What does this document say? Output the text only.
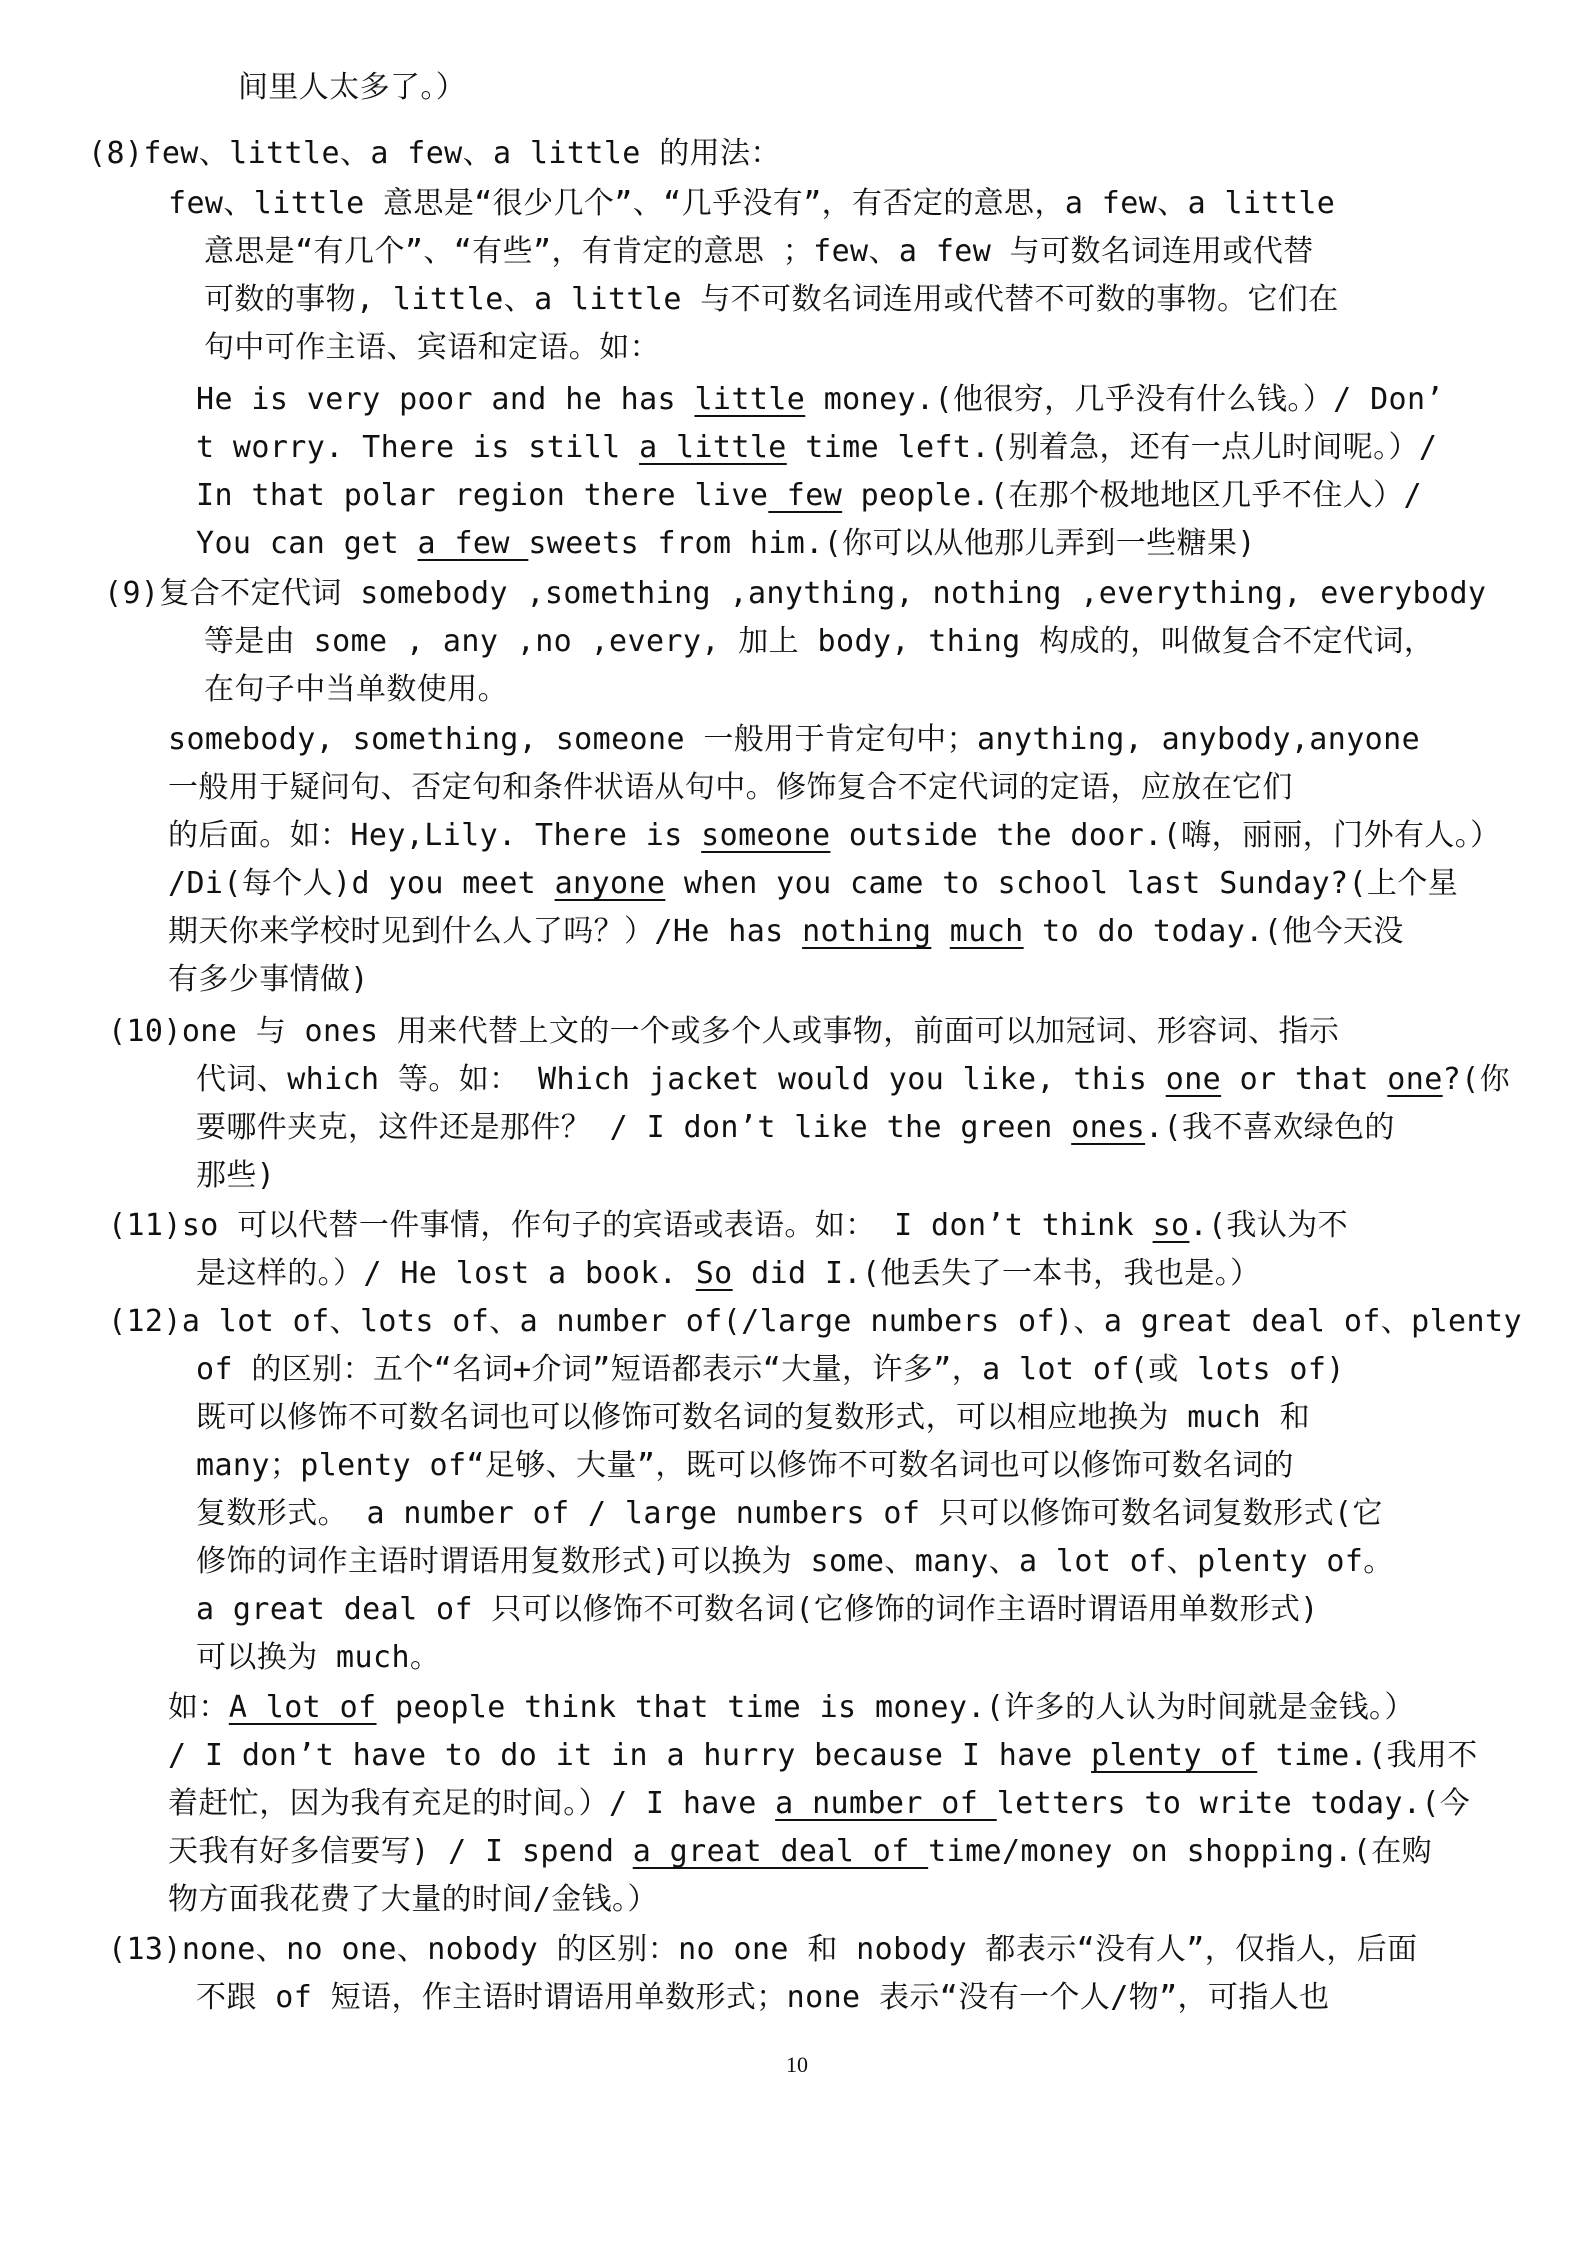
间里人太多了。）
(8)few、little、a few、a little 的用法：
few、little 意思是“很少几个”、“几乎没有”，有否定的意思，a few、a little
意思是“有几个”、“有些”，有肯定的意思 ；few、a few 与可数名词连用或代替
可数的事物, little、a little 与不可数名词连用或代替不可数的事物。它们在
句中可作主语、宾语和定语。如：
He is very poor and he has little money.(他很穷，几乎没有什么钱。）/ Don’
t worry. There is still a little time left.(别着急，还有一点儿时间呢。）/
In that polar region there live few people.(在那个极地地区几乎不住人）/
You can get a few sweets from him.(你可以从他那儿弄到一些糖果)
(9)复合不定代词 somebody ,something ,anything, nothing ,everything, everybody
等是由 some , any ,no ,every, 加上 body, thing 构成的，叫做复合不定代词，
在句子中当单数使用。
somebody, something, someone 一般用于肯定句中；anything, anybody,anyone
一般用于疑问句、否定句和条件状语从句中。修饰复合不定代词的定语，应放在它们
的后面。如：Hey,Lily. There is someone outside the door.(嗨，丽丽，门外有人。）
/Di(每个人)d you meet anyone when you came to school last Sunday?(上个星
期天你来学校时见到什么人了吗？）/He has nothing much to do today.(他今天没
有多少事情做)
(10)one 与 ones 用来代替上文的一个或多个人或事物，前面可以加冠词、形容词、指示
代词、which 等。如： Which jacket would you like, this one or that one?(你
要哪件夹克，这件还是那件？ / I don’t like the green ones.(我不喜欢绿色的
那些)
(11)so 可以代替一件事情，作句子的宾语或表语。如： I don’t think so.(我认为不
是这样的。）/ He lost a book. So did I.(他丢失了一本书，我也是。）
(12)a lot of、lots of、a number of(/large numbers of)、a great deal of、plenty
of 的区别：五个“名词+介词”短语都表示“大量，许多”，a lot of(或 lots of)
既可以修饰不可数名词也可以修饰可数名词的复数形式，可以相应地换为 much 和
many；plenty of“足够、大量”，既可以修饰不可数名词也可以修饰可数名词的
复数形式。 a number of / large numbers of 只可以修饰可数名词复数形式(它
修饰的词作主语时谓语用复数形式)可以换为 some、many、a lot of、plenty of。
a great deal of 只可以修饰不可数名词(它修饰的词作主语时谓语用单数形式)
可以换为 much。
如：A lot of people think that time is money.(许多的人认为时间就是金钱。）
/ I don’t have to do it in a hurry because I have plenty of time.(我用不
着赶忙，因为我有充足的时间。）/ I have a number of letters to write today.(今
天我有好多信要写) / I spend a great deal of time/money on shopping.(在购
物方面我花费了大量的时间/金钱。）
(13)none、no one、nobody 的区别：no one 和 nobody 都表示“没有人”，仅指人，后面
不跟 of 短语，作主语时谓语用单数形式；none 表示“没有一个人/物”，可指人也
10
